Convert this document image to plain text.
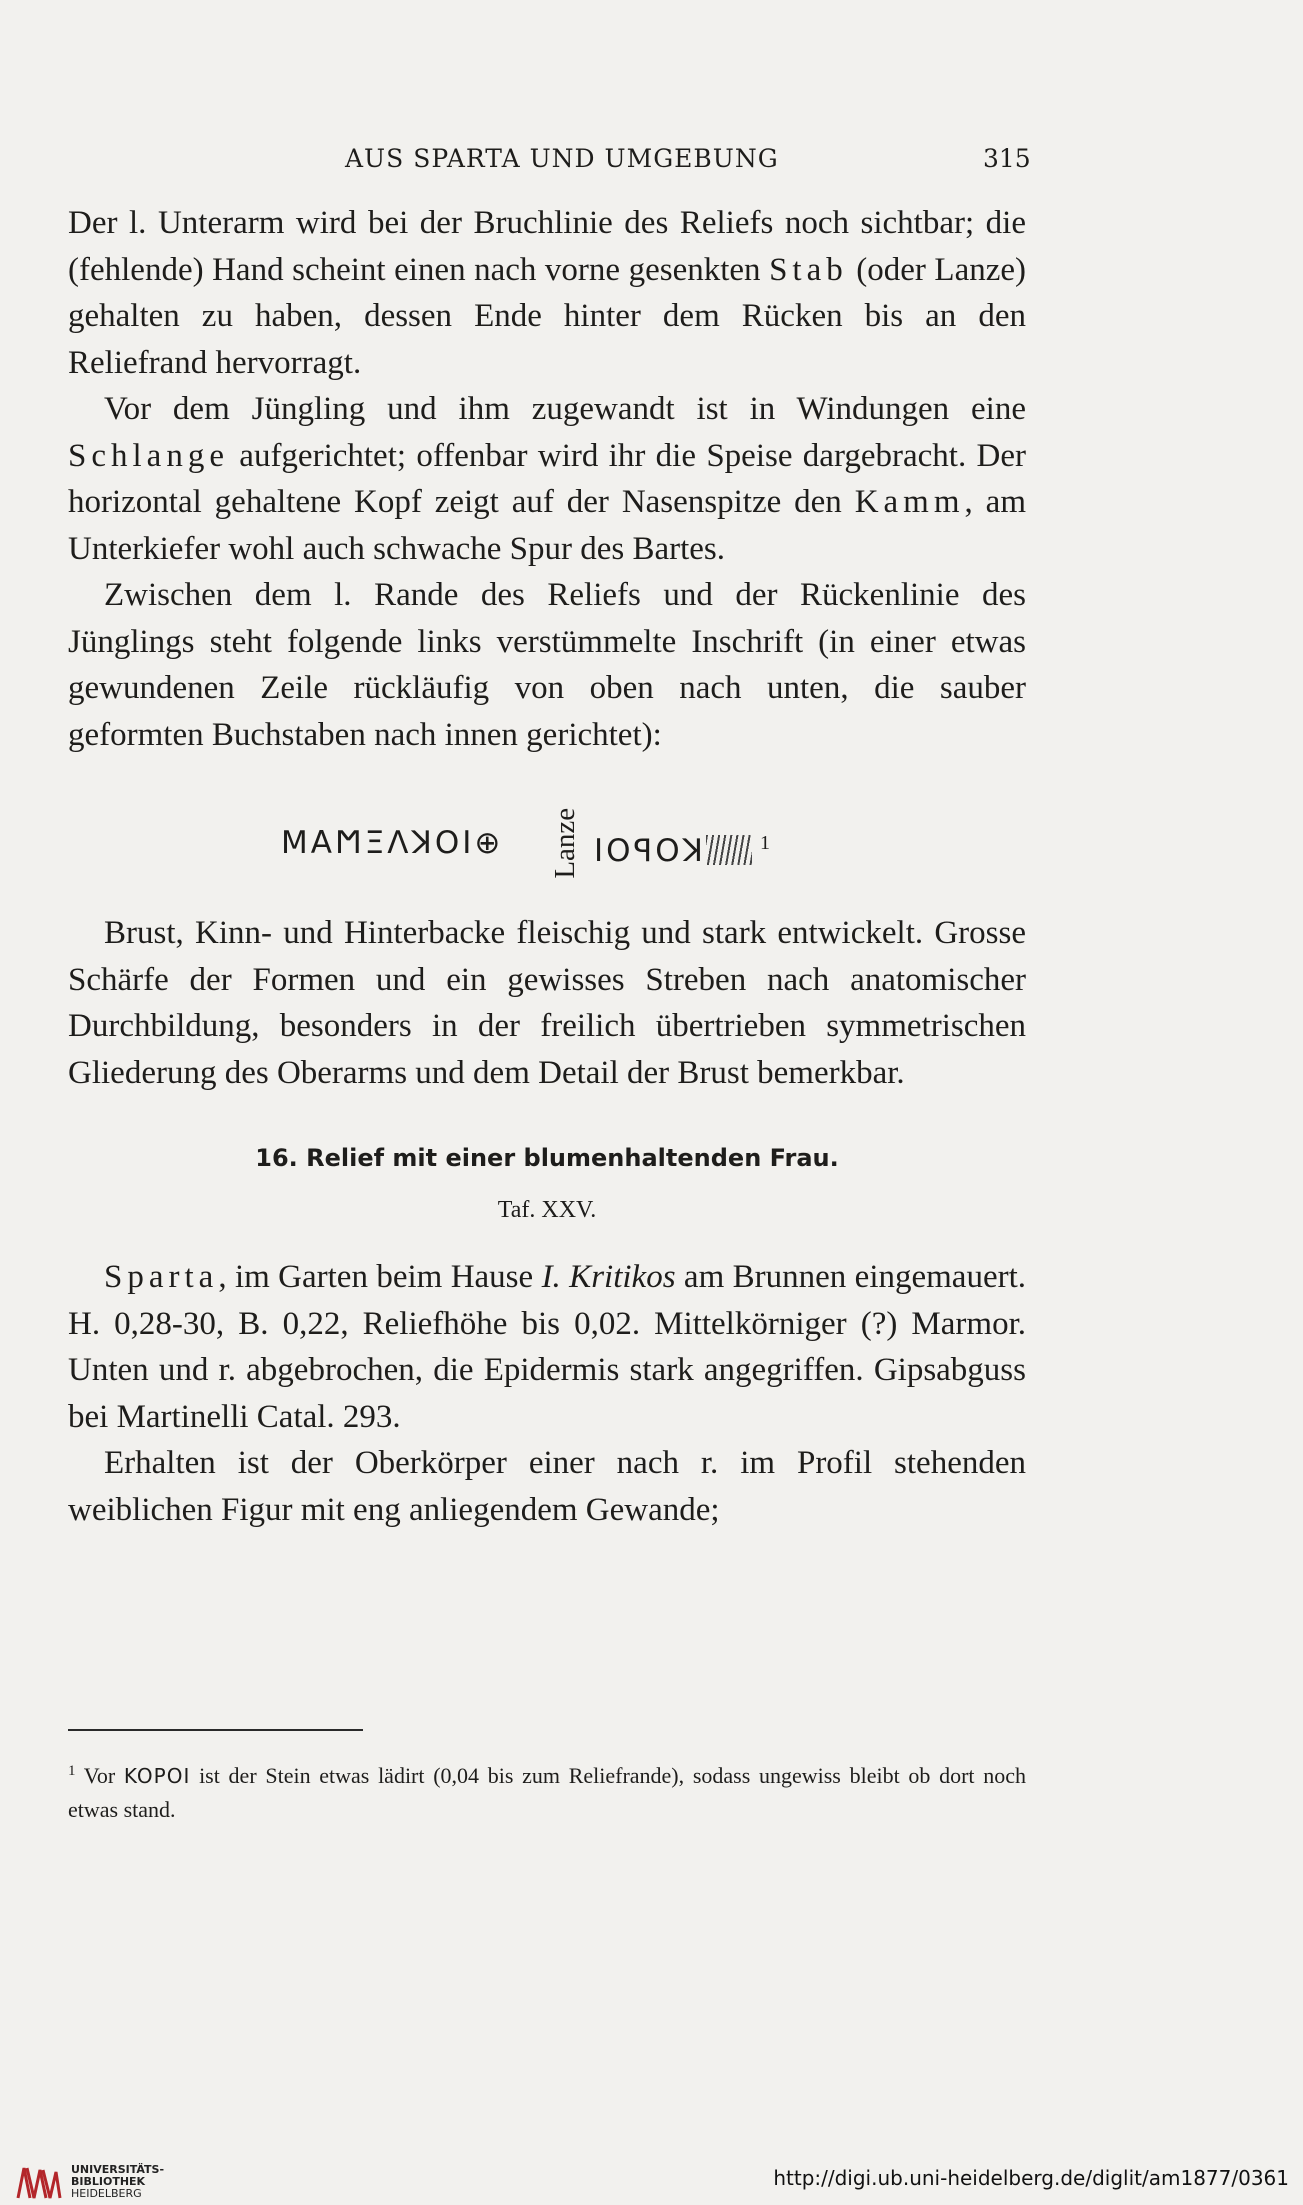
AUS SPARTA UND UMGEBUNG	315

Der l. Unterarm wird bei der Bruchlinie des Reliefs noch sichtbar; die (fehlende) Hand scheint einen nach vorne gesenkten Stab (oder Lanze) gehalten zu haben, dessen Ende hinter dem Rücken bis an den Reliefrand hervorragt.

Vor dem Jüngling und ihm zugewandt ist in Windungen eine Schlange aufgerichtet; offenbar wird ihr die Speise dargebracht. Der horizontal gehaltene Kopf zeigt auf der Nasenspitze den Kamm, am Unterkiefer wohl auch schwache Spur des Bartes.

Zwischen dem l. Rande des Reliefs und der Rückenlinie des Jünglings steht folgende links verstümmelte Inschrift (in einer etwas gewundenen Zeile rückläufig von oben nach unten, die sauber geformten Buchstaben nach innen gerichtet):

MAϺΞΛꓘOI⊕ Lanze IOꟼOꓘ	$^1$

Brust, Kinn- und Hinterbacke fleischig und stark entwickelt. Grosse Schärfe der Formen und ein gewisses Streben nach anatomischer Durchbildung, besonders in der freilich übertrieben symmetrischen Gliederung des Oberarms und dem Detail der Brust bemerkbar.

16. Relief mit einer blumenhaltenden Frau.
Taf. XXV.

Sparta, im Garten beim Hause I. Kritikos am Brunnen eingemauert. H. 0,28-30, B. 0,22, Reliefhöhe bis 0,02. Mittelkörniger (?) Marmor. Unten und r. abgebrochen, die Epidermis stark angegriffen. Gipsabguss bei Martinelli Catal. 293.

Erhalten ist der Oberkörper einer nach r. im Profil stehenden weiblichen Figur mit eng anliegendem Gewande;

$^1$ Vor KOPOI ist der Stein etwas lädirt (0,04 bis zum Reliefrande), sodass ungewiss bleibt ob dort noch etwas stand.
UNIVERSITÄTS-
BIBLIOTHEK
HEIDELBERG
http://digi.ub.uni-heidelberg.de/diglit/am1877/0361
